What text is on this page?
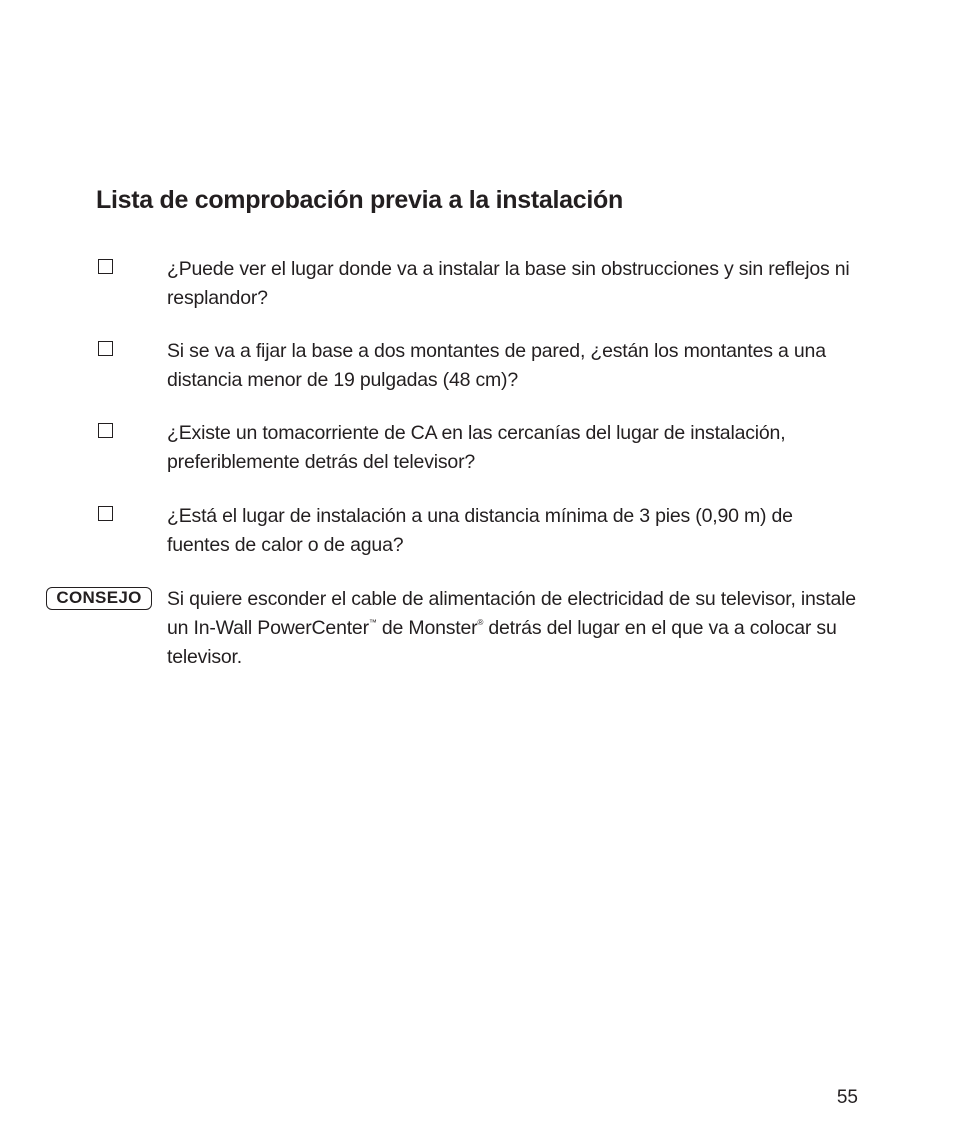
Lista de comprobación previa a la instalación

¿Puede ver el lugar donde va a instalar la base sin obstrucciones y sin reflejos ni resplandor?

Si se va a fijar la base a dos montantes de pared, ¿están los montantes a una distancia menor de 19 pulgadas (48 cm)?

¿Existe un tomacorriente de CA en las cercanías del lugar de instalación, preferiblemente detrás del televisor?

¿Está el lugar de instalación a una distancia mínima de 3 pies (0,90 m) de fuentes de calor o de agua?

CONSEJO	Si quiere esconder el cable de alimentación de electricidad de su televisor, instale un In-Wall PowerCenter™ de Monster® detrás del lugar en el que va a colocar su televisor.

55
